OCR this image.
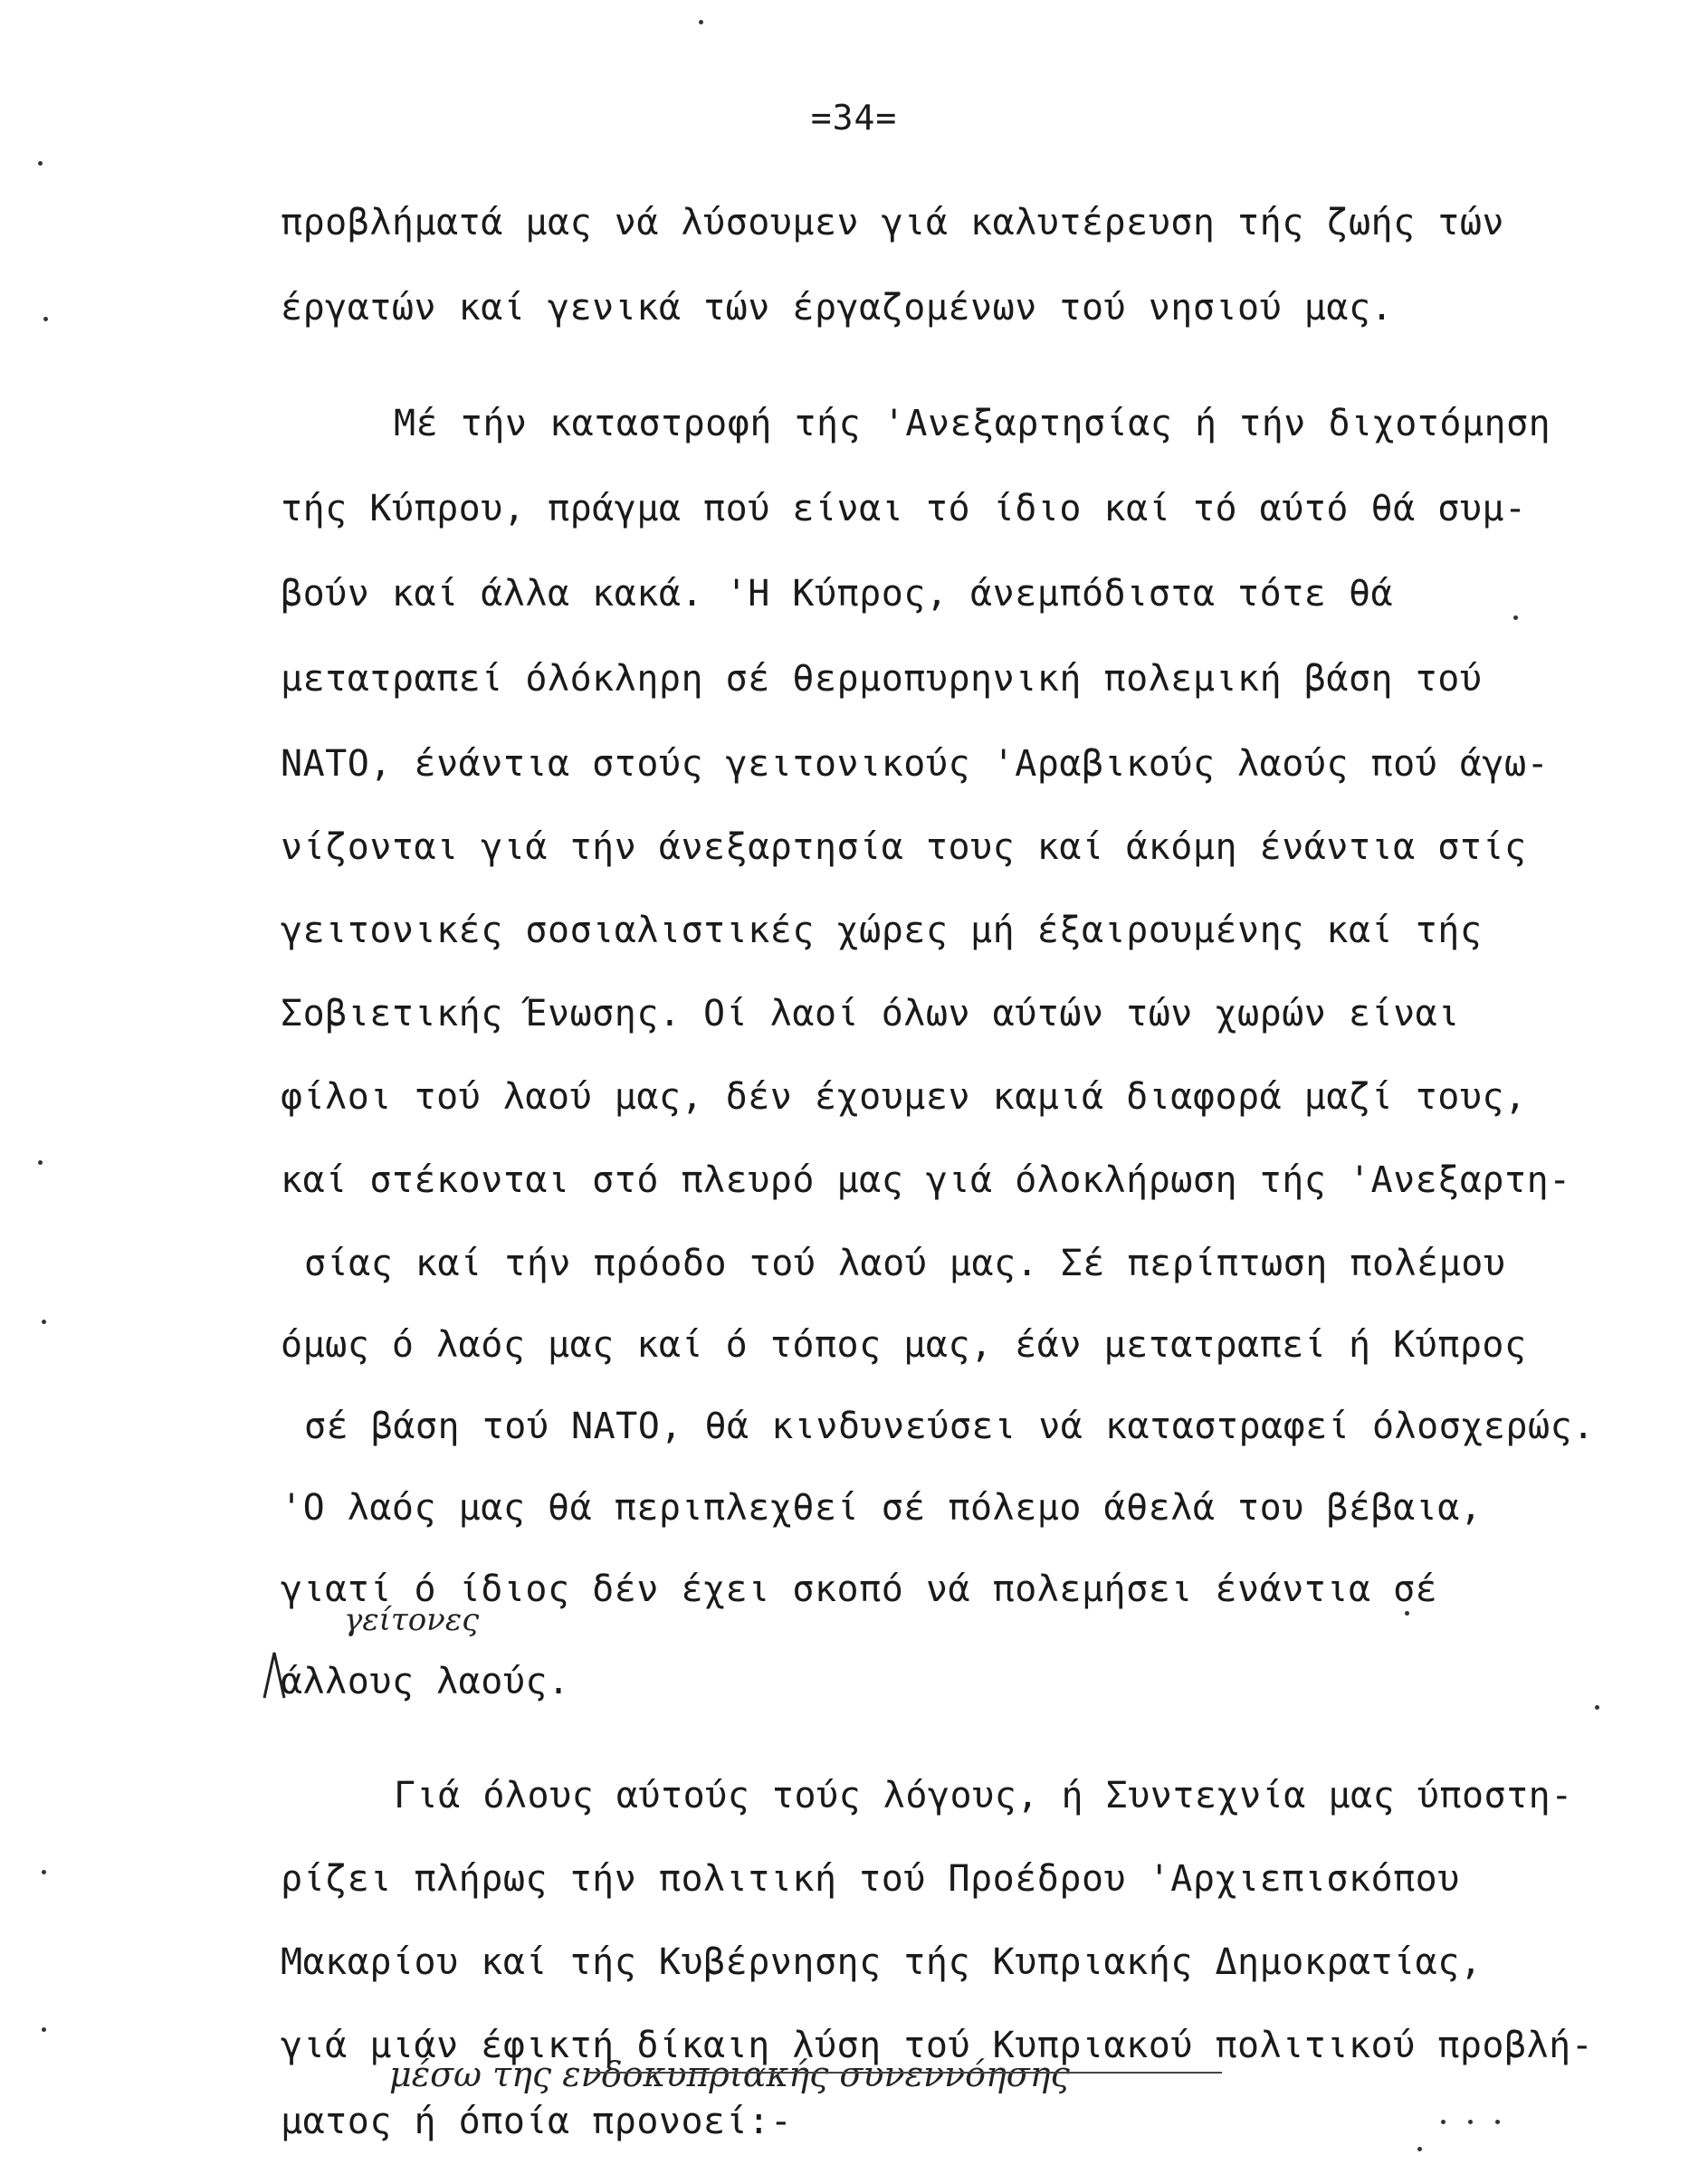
=34=
προβλήματά μας νά λύσουμεν γιά καλυτέρευση τής ζωής τών
έργατών καί γενικά τών έργαζομένων τού νησιού μας.
Μέ τήν καταστροφή τής 'Ανεξαρτησίας ή τήν διχοτόμηση
τής Κύπρου, πράγμα πού είναι τό ίδιο καί τό αύτό θά συμ-
βούν καί άλλα κακά. 'Η Κύπρος, άνεμπόδιστα τότε θά
μετατραπεί όλόκληρη σέ θερμοπυρηνική πολεμική βάση τού
ΝΑΤΟ, ένάντια στούς γειτονικούς 'Αραβικούς λαούς πού άγω-
νίζονται γιά τήν άνεξαρτησία τους καί άκόμη ένάντια στίς
γειτονικές σοσιαλιστικές χώρες μή έξαιρουμένης καί τής
Σοβιετικής Ένωσης. Οί λαοί όλων αύτών τών χωρών είναι
φίλοι τού λαού μας, δέν έχουμεν καμιά διαφορά μαζί τους,
καί στέκονται στό πλευρό μας γιά όλοκλήρωση τής 'Ανεξαρτη-
σίας καί τήν πρόοδο τού λαού μας. Σέ περίπτωση πολέμου
όμως ό λαός μας καί ό τόπος μας, έάν μετατραπεί ή Κύπρος
σέ βάση τού ΝΑΤΟ, θά κινδυνεύσει νά καταστραφεί όλοσχερώς.
'Ο λαός μας θά περιπλεχθεί σέ πόλεμο άθελά του βέβαια,
γιατί ό ίδιος δέν έχει σκοπό νά πολεμήσει ένάντια σέ
άλλους λαούς.
Γιά όλους αύτούς τούς λόγους, ή Συντεχνία μας ύποστη-
ρίζει πλήρως τήν πολιτική τού Προέδρου 'Αρχιεπισκόπου
Μακαρίου καί τής Κυβέρνησης τής Κυπριακής Δημοκρατίας,
γιά μιάν έφικτή δίκαιη λύση τού Κυπριακού πολιτικού προβλή-
ματος ή όποία προνοεί:-
γείτονες
μέσω της ενδοκυπριακής συνεννόησης
